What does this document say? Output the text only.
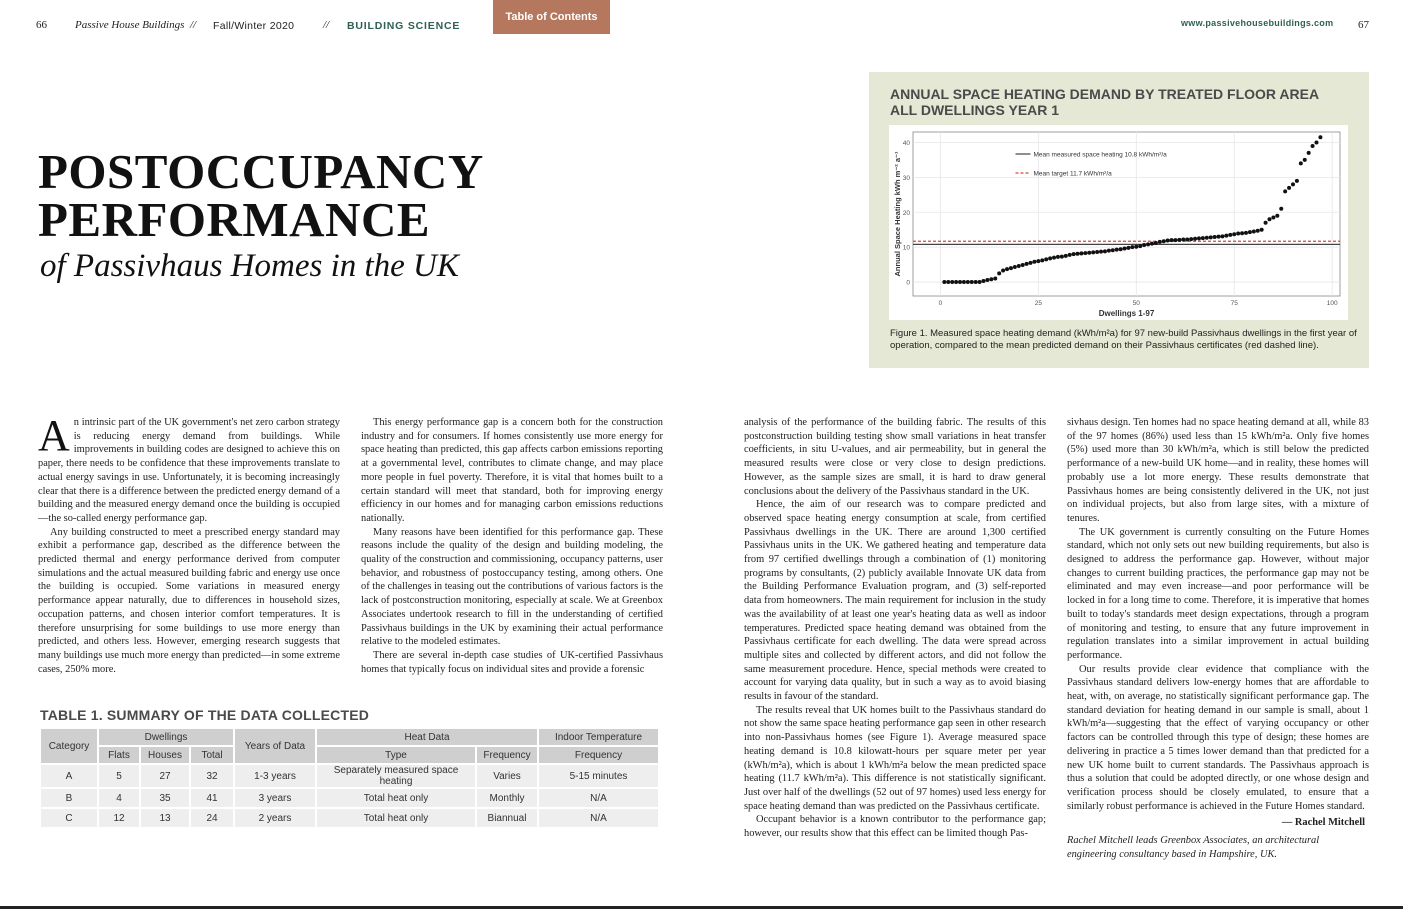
66	Passive House Buildings // Fall/Winter 2020	// BUILDING SCIENCE
Table of Contents	www.passivehousebuildings.com 67
POSTOCCUPANCY
PERFORMANCE
of Passivhaus Homes in the UK

An intrinsic part of the UK government's net zero carbon strategy is reducing energy demand from buildings. While improvements in building codes are designed to achieve this on paper, there needs to be confidence that these improvements translate to actual energy savings in use. Unfortunately, it is becoming increasingly clear that there is a difference between the predicted energy demand of a building and the measured energy demand once the building is occupied—the so-called energy performance gap.

Any building constructed to meet a prescribed energy standard may exhibit a performance gap, described as the difference between the predicted thermal and energy performance derived from computer simulations and the actual measured building fabric and energy use once the building is occupied. Some variations in measured energy performance appear naturally, due to differences in household sizes, occupation patterns, and chosen interior comfort temperatures. It is therefore unsurprising for some buildings to use more energy than predicted, and others less. However, emerging research suggests that many buildings use much more energy than predicted—in some extreme cases, 250% more.

This energy performance gap is a concern both for the construction industry and for consumers. If homes consistently use more energy for space heating than predicted, this gap affects carbon emissions reporting at a governmental level, contributes to climate change, and may place more people in fuel poverty. Therefore, it is vital that homes built to a certain standard will meet that standard, both for improving energy efficiency in our homes and for managing carbon emissions reductions nationally.

Many reasons have been identified for this performance gap. These reasons include the quality of the design and building modeling, the quality of the construction and commissioning, occupancy patterns, user behavior, and robustness of postoccupancy testing, among others. One of the challenges in teasing out the contributions of various factors is the lack of postconstruction monitoring, especially at scale. We at Greenbox Associates undertook research to fill in the understanding of certified Passivhaus buildings in the UK by examining their actual performance relative to the modeled estimates.

There are several in-depth case studies of UK-certified Passivhaus homes that typically focus on individual sites and provide a forensic

analysis of the performance of the building fabric. The results of this postconstruction building testing show small variations in heat transfer coefficients, in situ U-values, and air permeability, but in general the measured results were close or very close to design predictions. However, as the sample sizes are small, it is hard to draw general conclusions about the delivery of the Passivhaus standard in the UK.

Hence, the aim of our research was to compare predicted and observed space heating energy consumption at scale, from certified Passivhaus dwellings in the UK. There are around 1,300 certified Passivhaus units in the UK. We gathered heating and temperature data from 97 certified dwellings through a combination of (1) monitoring programs by consultants, (2) publicly available Innovate UK data from the Building Performance Evaluation program, and (3) self-reported data from homeowners. The main requirement for inclusion in the study was the availability of at least one year's heating data as well as indoor temperatures. Predicted space heating demand was obtained from the Passivhaus certificate for each dwelling. The data were spread across multiple sites and collected by different actors, and did not follow the same measurement procedure. Hence, special methods were created to account for varying data quality, but in such a way as to avoid biasing results in favour of the standard.

The results reveal that UK homes built to the Passivhaus standard do not show the same space heating performance gap seen in other research into non-Passivhaus homes (see Figure 1). Average measured space heating demand is 10.8 kilowatt-hours per square meter per year (kWh/m²a), which is about 1 kWh/m²a below the mean predicted space heating (11.7 kWh/m²a). This difference is not statistically significant. Just over half of the dwellings (52 out of 97 homes) used less energy for space heating demand than was predicted on the Passivhaus certificate.

Occupant behavior is a known contributor to the performance gap; however, our results show that this effect can be limited though Pas-

sivhaus design. Ten homes had no space heating demand at all, while 83 of the 97 homes (86%) used less than 15 kWh/m²a. Only five homes (5%) used more than 30 kWh/m²a, which is still below the predicted performance of a new-build UK home—and in reality, these homes will probably use a lot more energy. These results demonstrate that Passivhaus homes are being consistently delivered in the UK, not just on individual projects, but also from large sites, with a mixture of tenures.

The UK government is currently consulting on the Future Homes standard, which not only sets out new building requirements, but also is designed to address the performance gap. However, without major changes to current building practices, the performance gap may not be eliminated and may even increase—and poor performance will be locked in for a long time to come. Therefore, it is imperative that homes built to today's standards meet design expectations, through a program of monitoring and testing, to ensure that any future improvement in regulation translates into a similar improvement in actual building performance.

Our results provide clear evidence that compliance with the Passivhaus standard delivers low-energy homes that are affordable to heat, with, on average, no statistically significant performance gap. The standard deviation for heating demand in our sample is small, about 1 kWh/m²a—suggesting that the effect of varying occupancy or other factors can be controlled through this type of design; these homes are delivering in practice a 5 times lower demand than that predicted for a new UK home built to current standards. The Passivhaus approach is thus a solution that could be adopted directly, or one whose design and verification process should be closely emulated, to ensure that a similarly robust performance is achieved in the Future Homes standard.

— Rachel Mitchell
Rachel Mitchell leads Greenbox Associates, an architectural engineering consultancy based in Hampshire, UK.
ANNUAL SPACE HEATING DEMAND BY TREATED FLOOR AREA
ALL DWELLINGS YEAR 1
0
10
20
30
40
0	25	50	75	100
Dwellings 1-97
Annual Space Heating kWh m⁻² a⁻¹	Mean measured space heating 10.8 kWh/m²/a
Mean target 11.7 kWh/m²/a
Figure 1. Measured space heating demand (kWh/m²a) for 97 new-build Passivhaus dwellings in the first year of operation, compared to the mean predicted demand on their Passivhaus certificates (red dashed line).
TABLE 1. SUMMARY OF THE DATA COLLECTED
Category	Dwellings			Years of Data	Heat Data		Indoor Temperature
	Flats	Houses	Total		Type	Frequency	Frequency
A	5	27	32	1-3 years	Separately measured space heating	Varies	5-15 minutes
B	4	35	41	3 years	Total heat only	Monthly	N/A
C	12	13	24	2 years	Total heat only	Biannual	N/A
